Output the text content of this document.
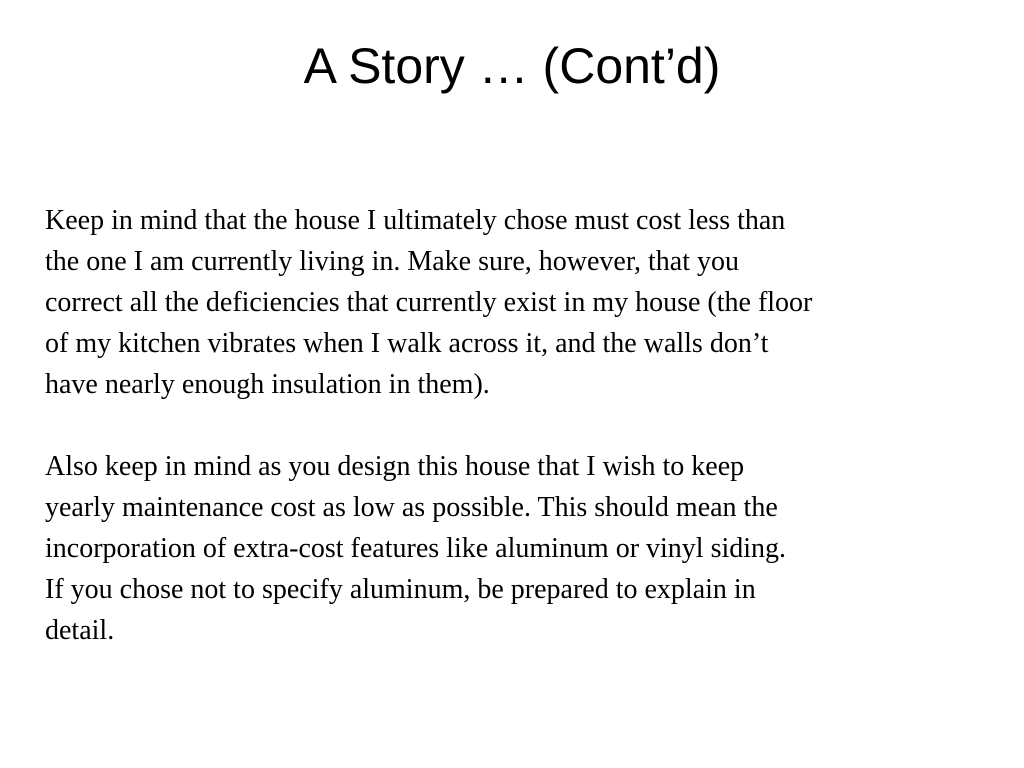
A Story … (Cont’d)

Keep in mind that the house I ultimately chose must cost less than
the one I am currently living in. Make sure, however, that you
correct all the deficiencies that currently exist in my house (the floor
of my kitchen vibrates when I walk across it, and the walls don’t
have nearly enough insulation in them).

Also keep in mind as you design this house that I wish to keep
yearly maintenance cost as low as possible. This should mean the
incorporation of extra-cost features like aluminum or vinyl siding.
If you chose not to specify aluminum, be prepared to explain in
detail.
